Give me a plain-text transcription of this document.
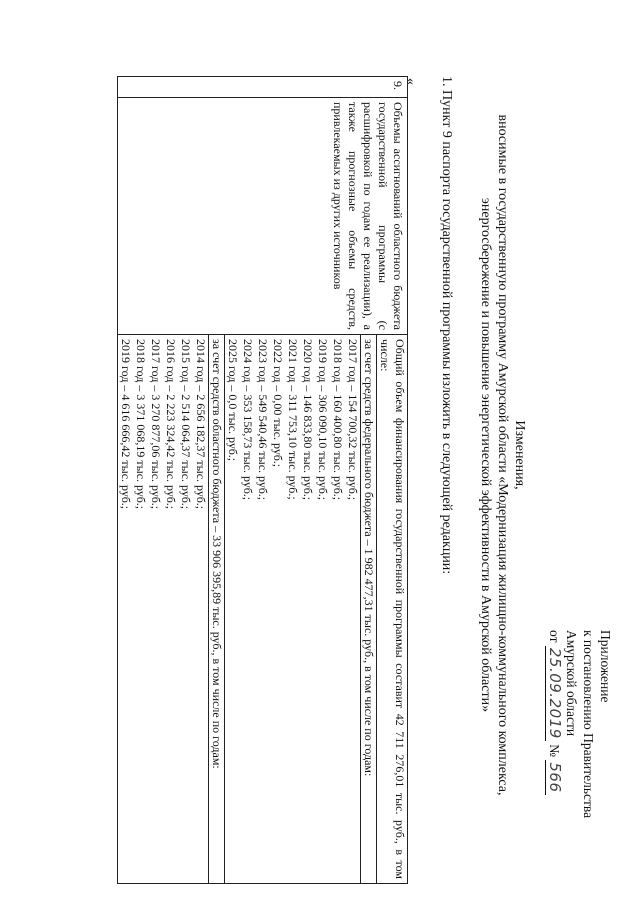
Приложение
к постановлению Правительства
Амурской области
от 25.09.2019 № 566
Изменения,
вносимые в государственную программу Амурской области «Модернизация жилищно-коммунального комплекса,
энергосбережение и повышение энергетической эффективности в Амурской области»
1. Пункт 9 паспорта государственной программы изложить в следующей редакции:
«
9.	Объемы ассигнований областного бюджета государственной программы (с расшифровкой по годам ее реализации), а также прогнозные объемы средств, привлекаемых из других источников	
Общий объем финансирования государственной программы составит 42 711 276,01 тыс. руб., в том числе:
за счет средств федерального бюджета – 1 982 477,31 тыс. руб., в том числе по годам:
2017 год – 154 700,32 тыс. руб.;
2018 год – 160 400,80 тыс. руб.;
2019 год – 306 090,10 тыс. руб.;
2020 год – 146 833,80 тыс. руб.;
2021 год – 311 753,10 тыс. руб.;
2022 год – 0,00 тыс. руб.;
2023 год – 549 540,46 тыс. руб.;
2024 год – 353 158,73 тыс. руб.;
2025 год – 0,0 тыс. руб.;
за счет средств областного бюджета – 33 906 395,89 тыс. руб., в том числе по годам:
2014 год – 2 656 182,37 тыс. руб.;
2015 год – 2 514 064,37 тыс. руб.;
2016 год – 2 223 324,42 тыс. руб.;
2017 год – 3 270 877,06 тыс. руб.;
2018 год – 3 371 068,19 тыс. руб.;
2019 год – 4 616 666,42 тыс. руб.;
